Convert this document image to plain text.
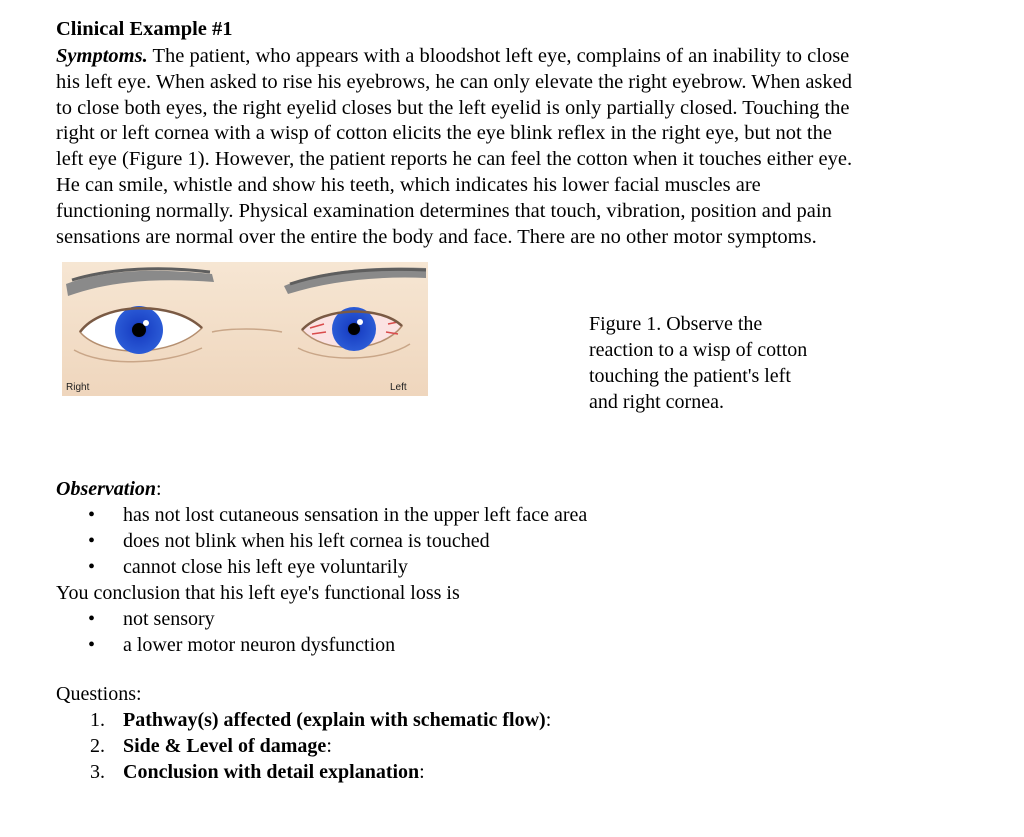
Clinical Example #1
Symptoms. The patient, who appears with a bloodshot left eye, complains of an inability to close
his left eye. When asked to rise his eyebrows, he can only elevate the right eyebrow. When asked
to close both eyes, the right eyelid closes but the left eyelid is only partially closed. Touching the
right or left cornea with a wisp of cotton elicits the eye blink reflex in the right eye, but not the
left eye (Figure 1). However, the patient reports he can feel the cotton when it touches either eye.
He can smile, whistle and show his teeth, which indicates his lower facial muscles are
functioning normally. Physical examination determines that touch, vibration, position and pain
sensations are normal over the entire the body and face. There are no other motor symptoms.
Right	Left
Figure 1. Observe the
reaction to a wisp of cotton
touching the patient's left
and right cornea.
Observation:
• has not lost cutaneous sensation in the upper left face area
• does not blink when his left cornea is touched
• cannot close his left eye voluntarily
You conclusion that his left eye's functional loss is
• not sensory
• a lower motor neuron dysfunction
Questions:
1. Pathway(s) affected (explain with schematic flow):
2. Side & Level of damage:
3. Conclusion with detail explanation:
